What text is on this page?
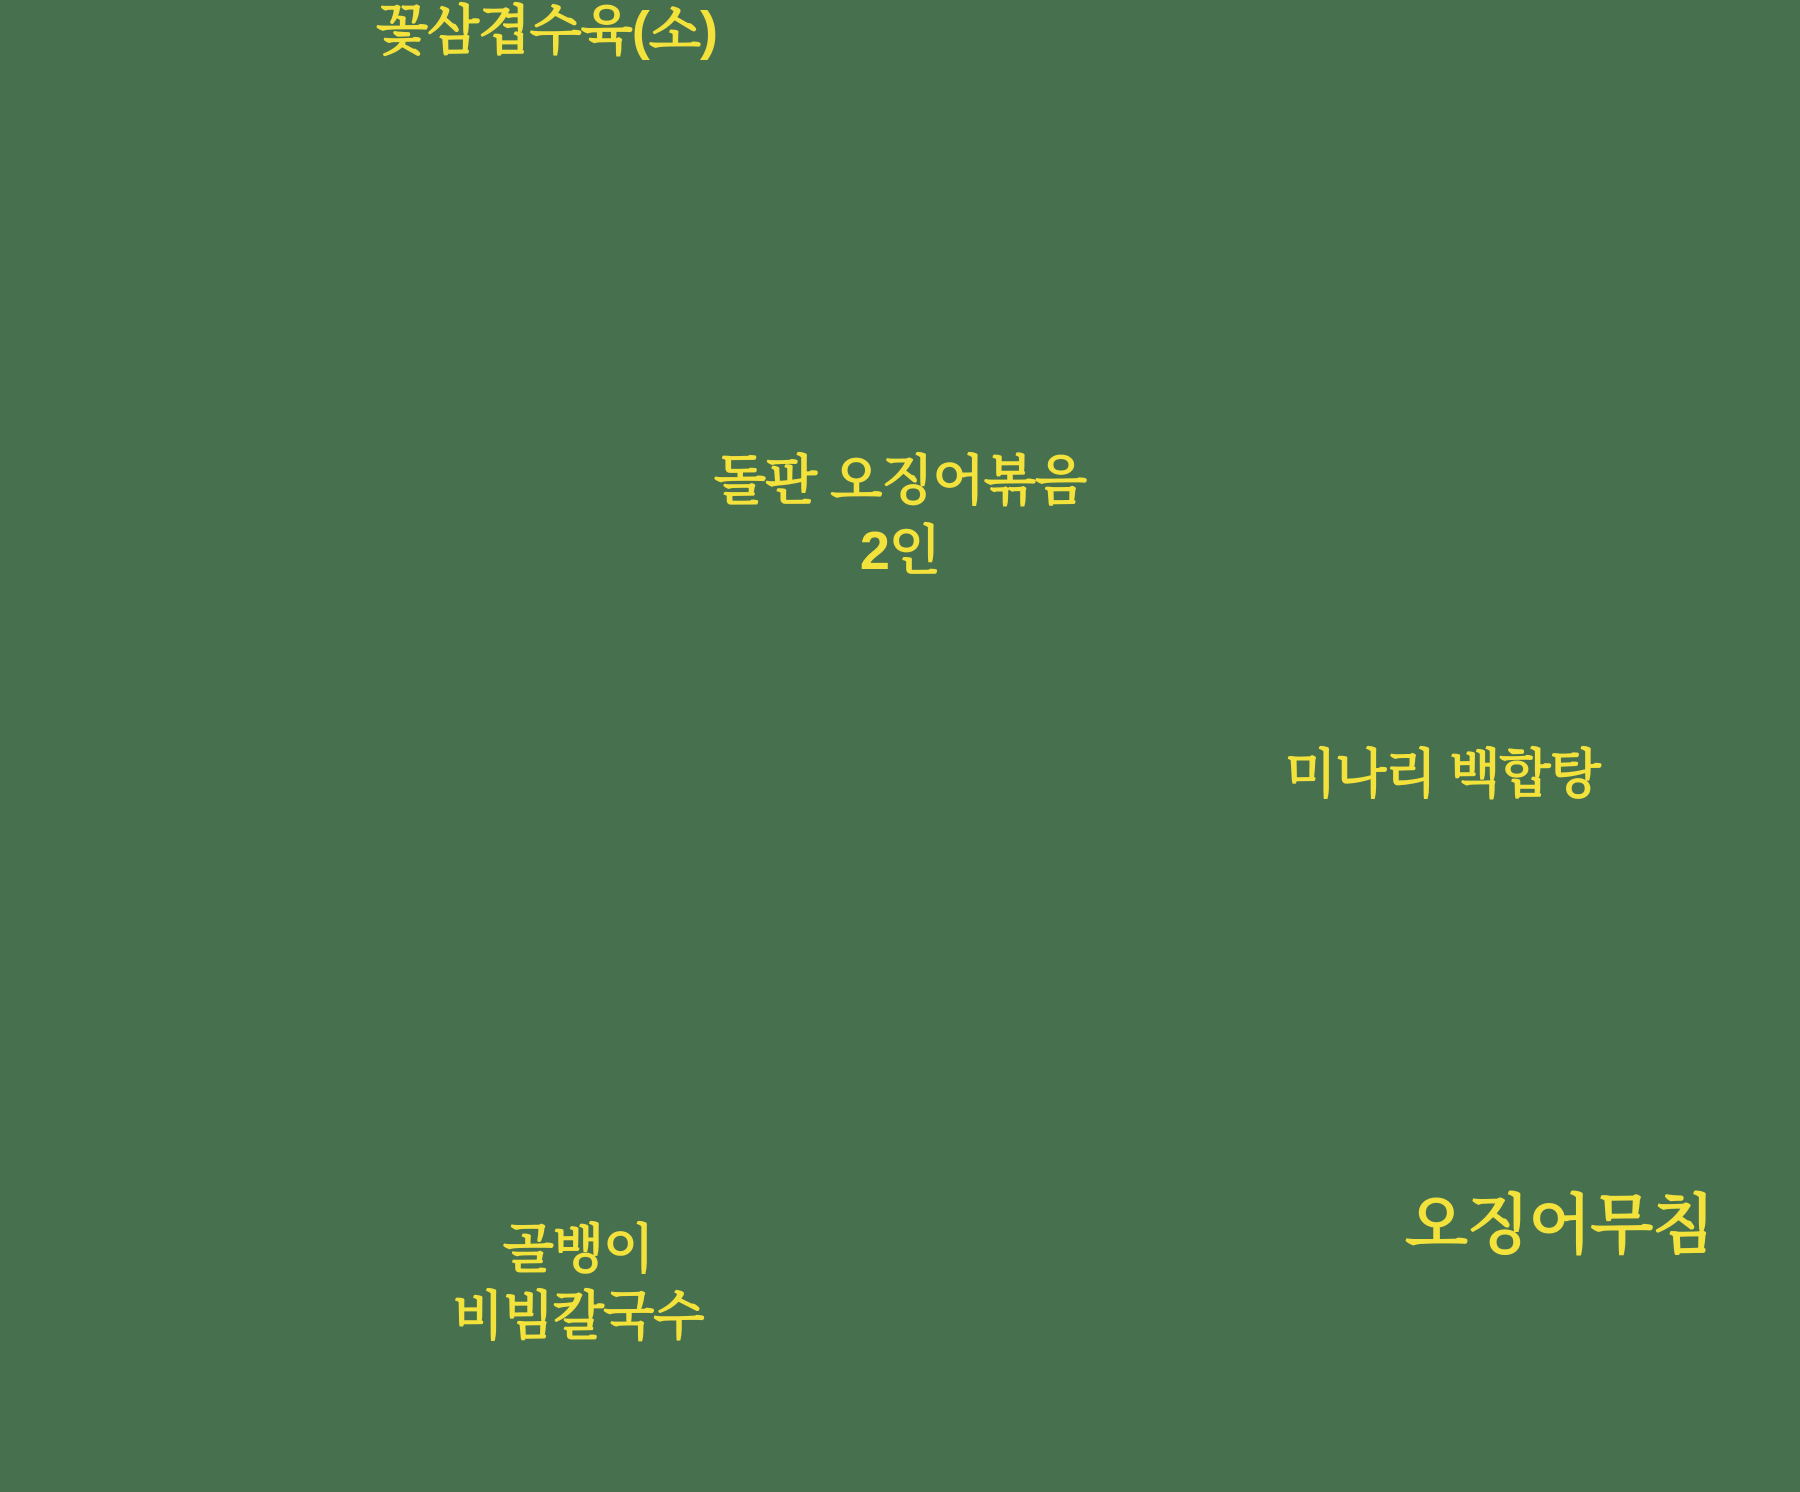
꽃삼겹수육(소)
돌판 오징어볶음
2인
미나리 백합탕
골뱅이
비빔칼국수
오징어무침
